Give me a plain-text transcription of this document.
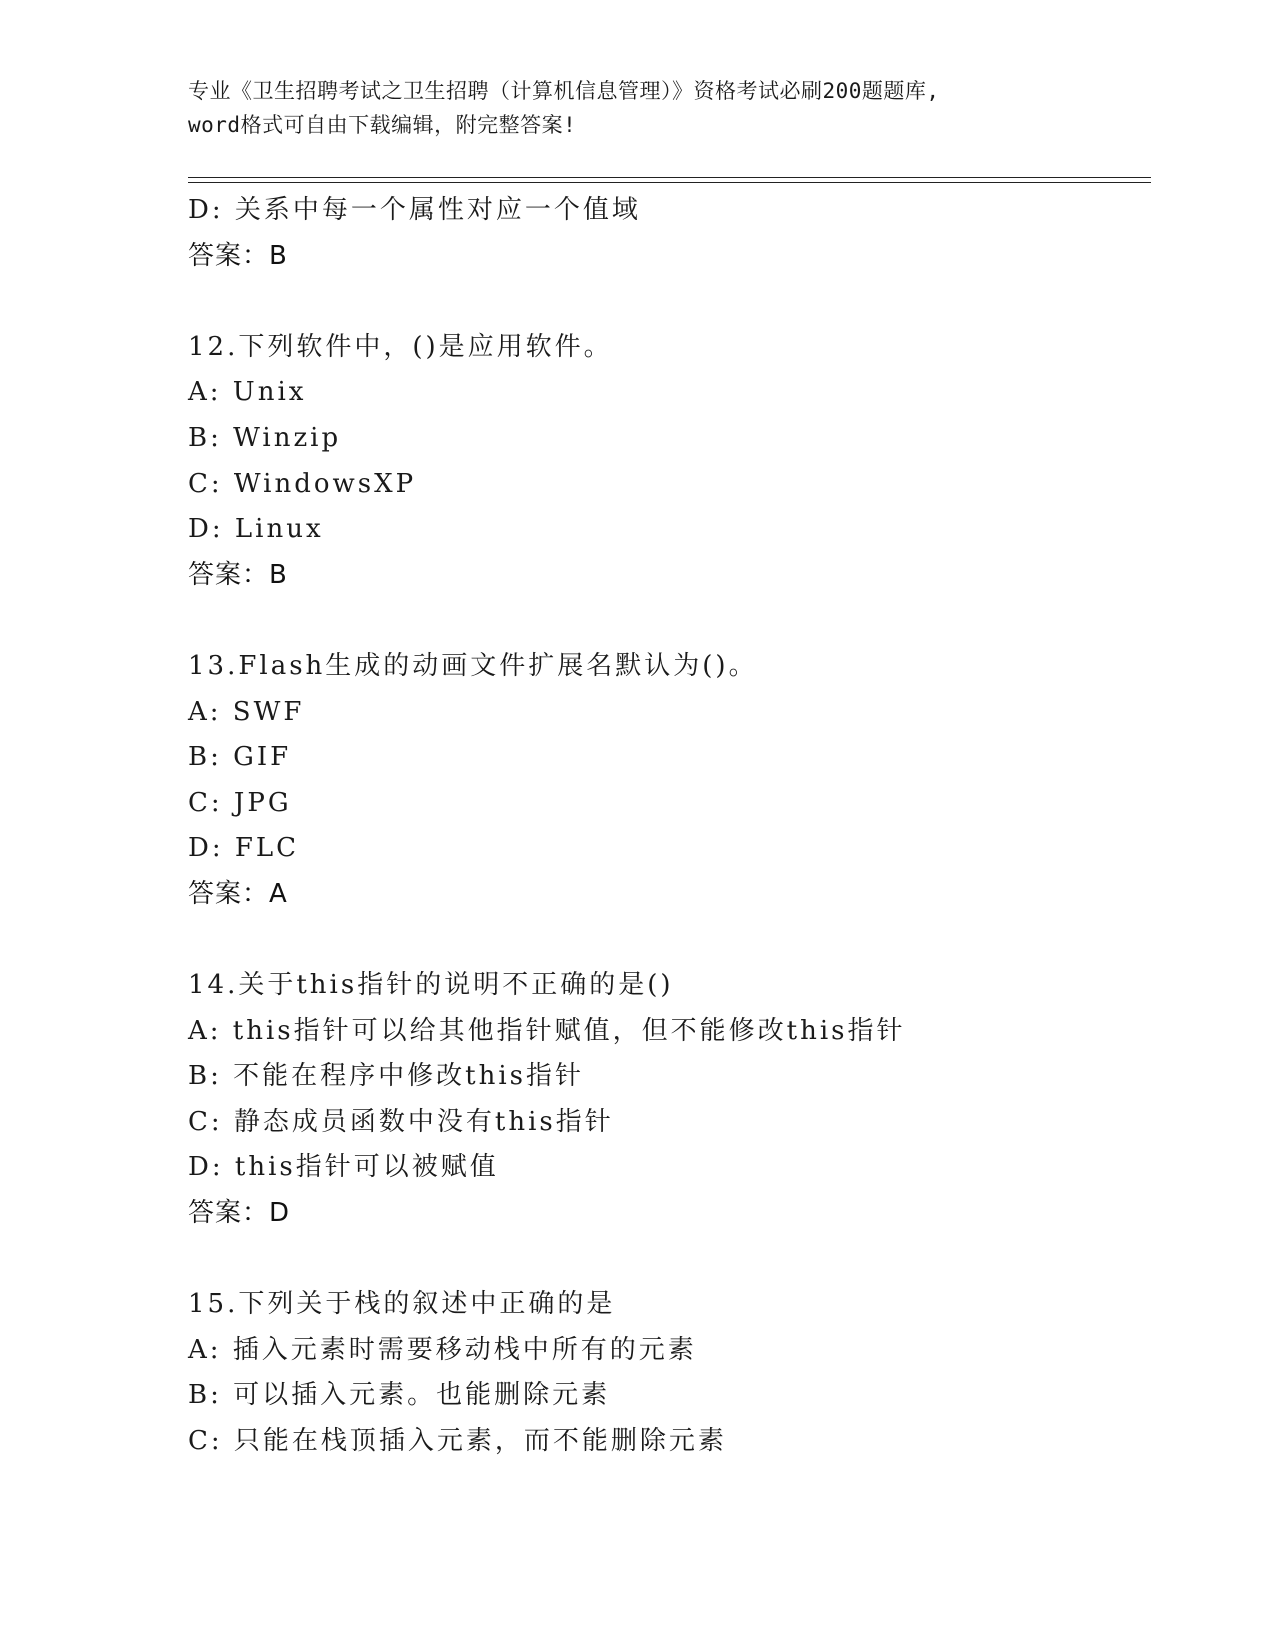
专业《卫生招聘考试之卫生招聘（计算机信息管理）》资格考试必刷200题题库,
word格式可自由下载编辑，附完整答案!
D: 关系中每一个属性对应一个值域
答案：B
12.下列软件中，()是应用软件。
A: Unix
B: Winzip
C: WindowsXP
D: Linux
答案：B
13.Flash生成的动画文件扩展名默认为()。
A: SWF
B: GIF
C: JPG
D: FLC
答案：A
14.关于this指针的说明不正确的是()
A: this指针可以给其他指针赋值，但不能修改this指针
B: 不能在程序中修改this指针
C: 静态成员函数中没有this指针
D: this指针可以被赋值
答案：D
15.下列关于栈的叙述中正确的是
A: 插入元素时需要移动栈中所有的元素
B: 可以插入元素。也能删除元素
C: 只能在栈顶插入元素，而不能删除元素
